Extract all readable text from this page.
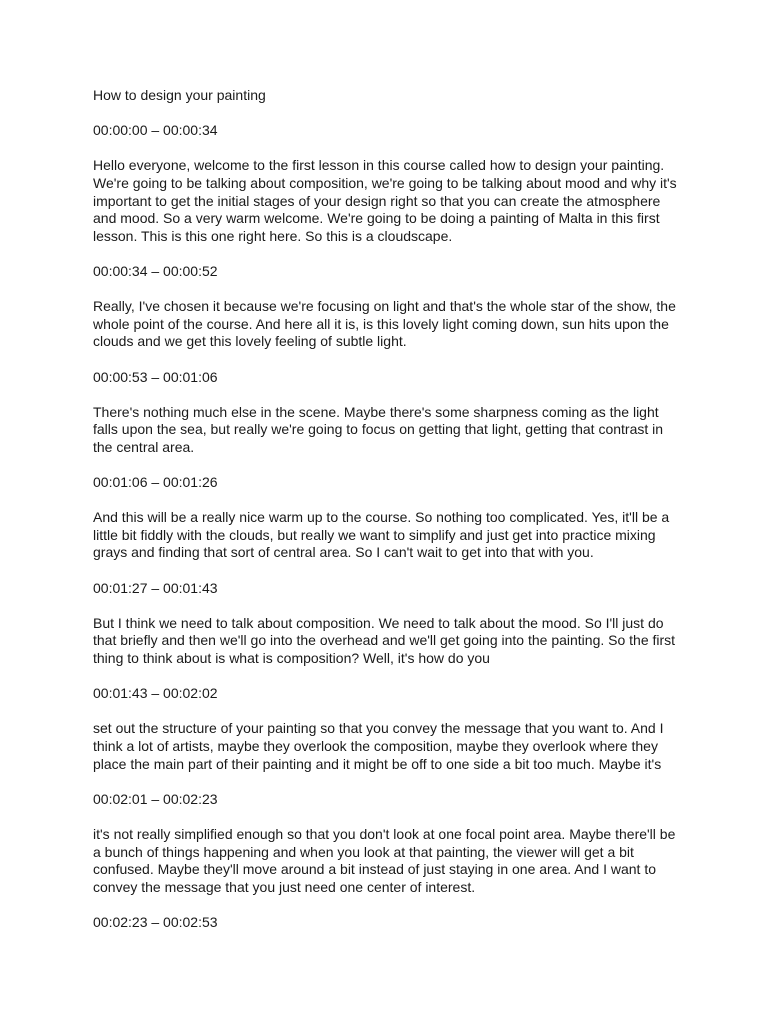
How to design your painting
00:00:00 – 00:00:34
Hello everyone, welcome to the first lesson in this course called how to design your painting. We're going to be talking about composition, we're going to be talking about mood and why it's important to get the initial stages of your design right so that you can create the atmosphere and mood. So a very warm welcome. We're going to be doing a painting of Malta in this first lesson. This is this one right here. So this is a cloudscape.
00:00:34 – 00:00:52
Really, I've chosen it because we're focusing on light and that's the whole star of the show, the whole point of the course. And here all it is, is this lovely light coming down, sun hits upon the clouds and we get this lovely feeling of subtle light.
00:00:53 – 00:01:06
There's nothing much else in the scene. Maybe there's some sharpness coming as the light falls upon the sea, but really we're going to focus on getting that light, getting that contrast in the central area.
00:01:06 – 00:01:26
And this will be a really nice warm up to the course. So nothing too complicated. Yes, it'll be a little bit fiddly with the clouds, but really we want to simplify and just get into practice mixing grays and finding that sort of central area. So I can't wait to get into that with you.
00:01:27 – 00:01:43
But I think we need to talk about composition. We need to talk about the mood. So I'll just do that briefly and then we'll go into the overhead and we'll get going into the painting. So the first thing to think about is what is composition? Well, it's how do you
00:01:43 – 00:02:02
set out the structure of your painting so that you convey the message that you want to. And I think a lot of artists, maybe they overlook the composition, maybe they overlook where they place the main part of their painting and it might be off to one side a bit too much. Maybe it's
00:02:01 – 00:02:23
it's not really simplified enough so that you don't look at one focal point area. Maybe there'll be a bunch of things happening and when you look at that painting, the viewer will get a bit confused. Maybe they'll move around a bit instead of just staying in one area. And I want to convey the message that you just need one center of interest.
00:02:23 – 00:02:53
